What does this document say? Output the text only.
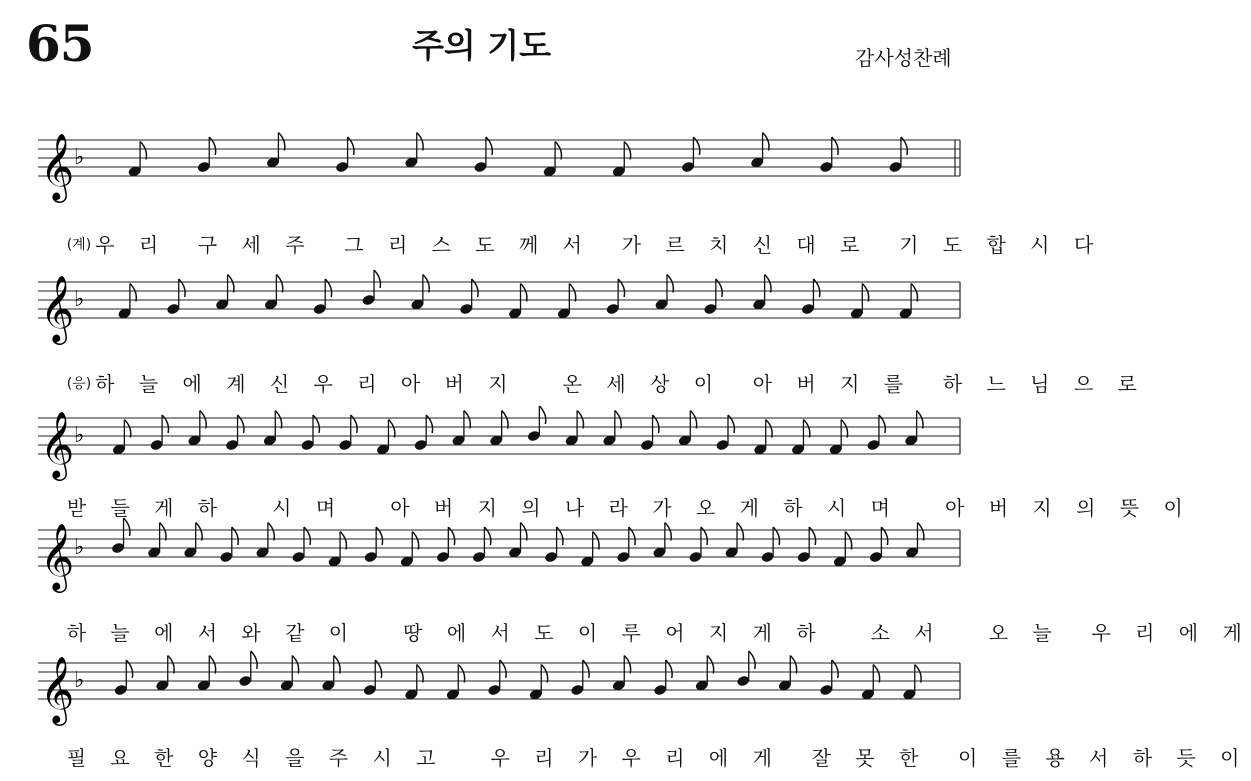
65	주의 기도	감사성찬례
𝄞 ♭

(계) 우 리  구 세 주  그 리 스 도 께 서  가 르 치 신 대 로  기 도 합 시 다

𝄞 ♭

(응) 하 늘 에 계 신 우 리 아 버 지   온 세 상 이  아 버 지 를  하 느 님 으 로

𝄞 ♭

받 들 게 하   시 며   아 버 지 의 나 라 가 오 게 하 시 며   아 버 지 의 뜻 이

𝄞 ♭

하 늘 에 서 와 같 이   땅 에 서 도 이 루 어 지 게 하   소 서   오 늘  우 리 에 게

𝄞 ♭

필 요 한 양 식 을 주 시 고   우 리 가 우 리 에 게  잘 못 한  이 를 용 서 하 듯 이
